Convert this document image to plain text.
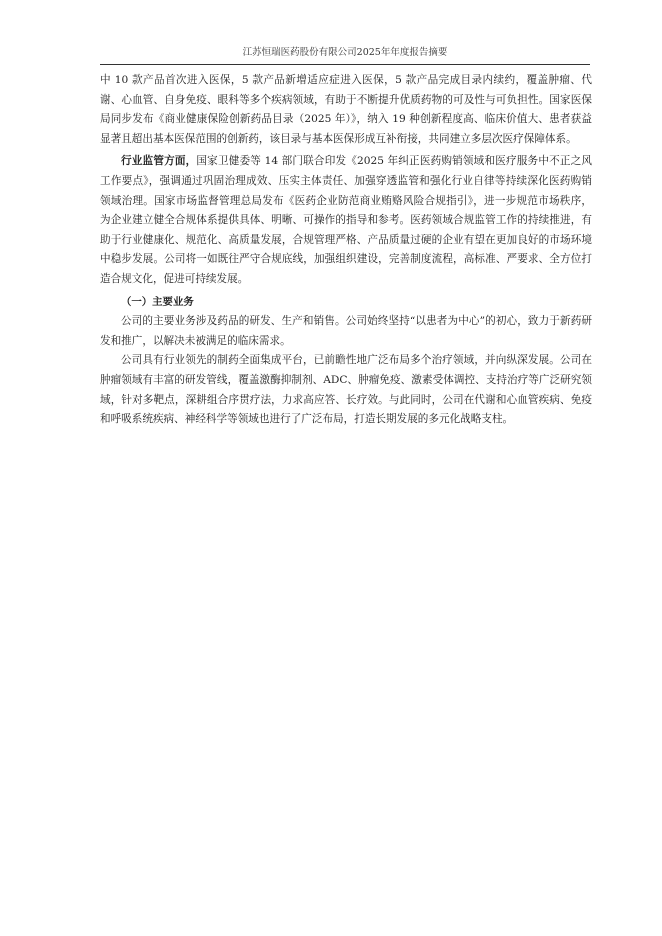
江苏恒瑞医药股份有限公司2025年年度报告摘要

中 10 款产品首次进入医保，5 款产品新增适应症进入医保，5 款产品完成目录内续约，覆盖肿瘤、代谢、心血管、自身免疫、眼科等多个疾病领域，有助于不断提升优质药物的可及性与可负担性。国家医保局同步发布《商业健康保险创新药品目录（2025 年）》，纳入 19 种创新程度高、临床价值大、患者获益显著且超出基本医保范围的创新药，该目录与基本医保形成互补衔接，共同建立多层次医疗保障体系。

行业监管方面，国家卫健委等 14 部门联合印发《2025 年纠正医药购销领域和医疗服务中不正之风工作要点》，强调通过巩固治理成效、压实主体责任、加强穿透监管和强化行业自律等持续深化医药购销领域治理。国家市场监督管理总局发布《医药企业防范商业贿赂风险合规指引》，进一步规范市场秩序，为企业建立健全合规体系提供具体、明晰、可操作的指导和参考。医药领域合规监管工作的持续推进，有助于行业健康化、规范化、高质量发展，合规管理严格、产品质量过硬的企业有望在更加良好的市场环境中稳步发展。公司将一如既往严守合规底线，加强组织建设，完善制度流程，高标准、严要求、全方位打造合规文化，促进可持续发展。

（一）主要业务

公司的主要业务涉及药品的研发、生产和销售。公司始终坚持“以患者为中心”的初心，致力于新药研发和推广，以解决未被满足的临床需求。

公司具有行业领先的制药全面集成平台，已前瞻性地广泛布局多个治疗领域，并向纵深发展。公司在肿瘤领域有丰富的研发管线，覆盖激酶抑制剂、ADC、肿瘤免疫、激素受体调控、支持治疗等广泛研究领域，针对多靶点，深耕组合序贯疗法，力求高应答、长疗效。与此同时，公司在代谢和心血管疾病、免疫和呼吸系统疾病、神经科学等领域也进行了广泛布局，打造长期发展的多元化战略支柱。
